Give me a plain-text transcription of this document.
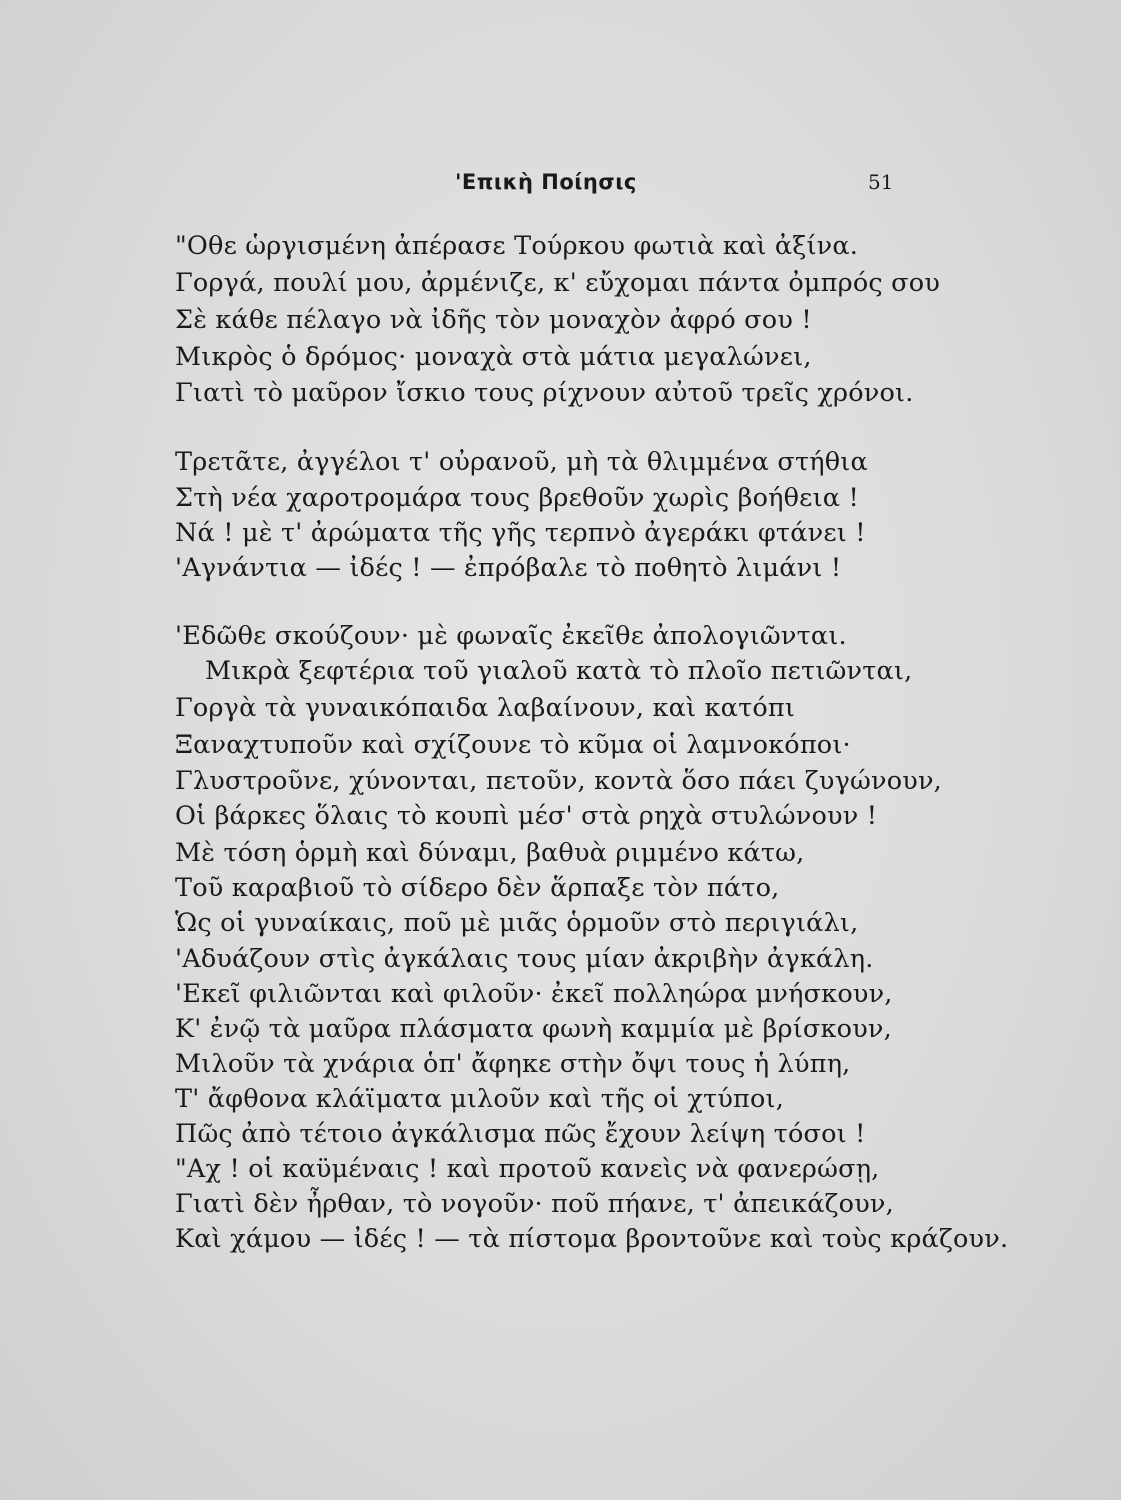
'Επικὴ Ποίησις	51
"Οθε ὡργισμένη ἀπέρασε Τούρκου φωτιὰ καὶ ἀξίνα.
Γοργά, πουλί μου, ἀρμένιζε, κ' εὔχομαι πάντα ὀμπρός σου
Σὲ κάθε πέλαγο νὰ ἰδῆς τὸν μοναχὸν ἀφρό σου !
Μικρὸς ὁ δρόμος· μοναχὰ στὰ μάτια μεγαλώνει,
Γιατὶ τὸ μαῦρον ἴσκιο τους ρίχνουν αὐτοῦ τρεῖς χρόνοι.
Τρετᾶτε, ἀγγέλοι τ' οὐρανοῦ, μὴ τὰ θλιμμένα στήθια
Στὴ νέα χαροτρομάρα τους βρεθοῦν χωρὶς βοήθεια !
Νά ! μὲ τ' ἀρώματα τῆς γῆς τερπνὸ ἀγεράκι φτάνει !
'Αγνάντια — ἰδές ! — ἐπρόβαλε τὸ ποθητὸ λιμάνι !
'Εδῶθε σκούζουν· μὲ φωναῖς ἐκεῖθε ἀπολογιῶνται.
Μικρὰ ξεφτέρια τοῦ γιαλοῦ κατὰ τὸ πλοῖο πετιῶνται,
Γοργὰ τὰ γυναικόπαιδα λαβαίνουν, καὶ κατόπι
Ξαναχτυποῦν καὶ σχίζουνε τὸ κῦμα οἱ λαμνοκόποι·
Γλυστροῦνε, χύνονται, πετοῦν, κοντὰ ὅσο πάει ζυγώνουν,
Οἱ βάρκες ὅλαις τὸ κουπὶ μέσ' στὰ ρηχὰ στυλώνουν !
Μὲ τόση ὁρμὴ καὶ δύναμι, βαθυὰ ριμμένο κάτω,
Τοῦ καραβιοῦ τὸ σίδερο δὲν ἅρπαξε τὸν πάτο,
Ὡς οἱ γυναίκαις, ποῦ μὲ μιᾶς ὁρμοῦν στὸ περιγιάλι,
'Αδυάζουν στὶς ἀγκάλαις τους μίαν ἀκριβὴν ἀγκάλη.
'Εκεῖ φιλιῶνται καὶ φιλοῦν· ἐκεῖ πολληώρα μνήσκουν,
Κ' ἐνῷ τὰ μαῦρα πλάσματα φωνὴ καμμία μὲ βρίσκουν,
Μιλοῦν τὰ χνάρια ὁπ' ἄφηκε στὴν ὄψι τους ἡ λύπη,
Τ' ἄφθονα κλάϊματα μιλοῦν καὶ τῆς οἱ χτύποι,
Πῶς ἀπὸ τέτοιο ἀγκάλισμα πῶς ἔχουν λείψη τόσοι !
"Αχ ! οἱ καϋμέναις ! καὶ προτοῦ κανεὶς νὰ φανερώσῃ,
Γιατὶ δὲν ἦρθαν, τὸ νογοῦν· ποῦ πήανε, τ' ἀπεικάζουν,
Καὶ χάμου — ἰδές ! — τὰ πίστομα βροντοῦνε καὶ τοὺς κράζουν.
